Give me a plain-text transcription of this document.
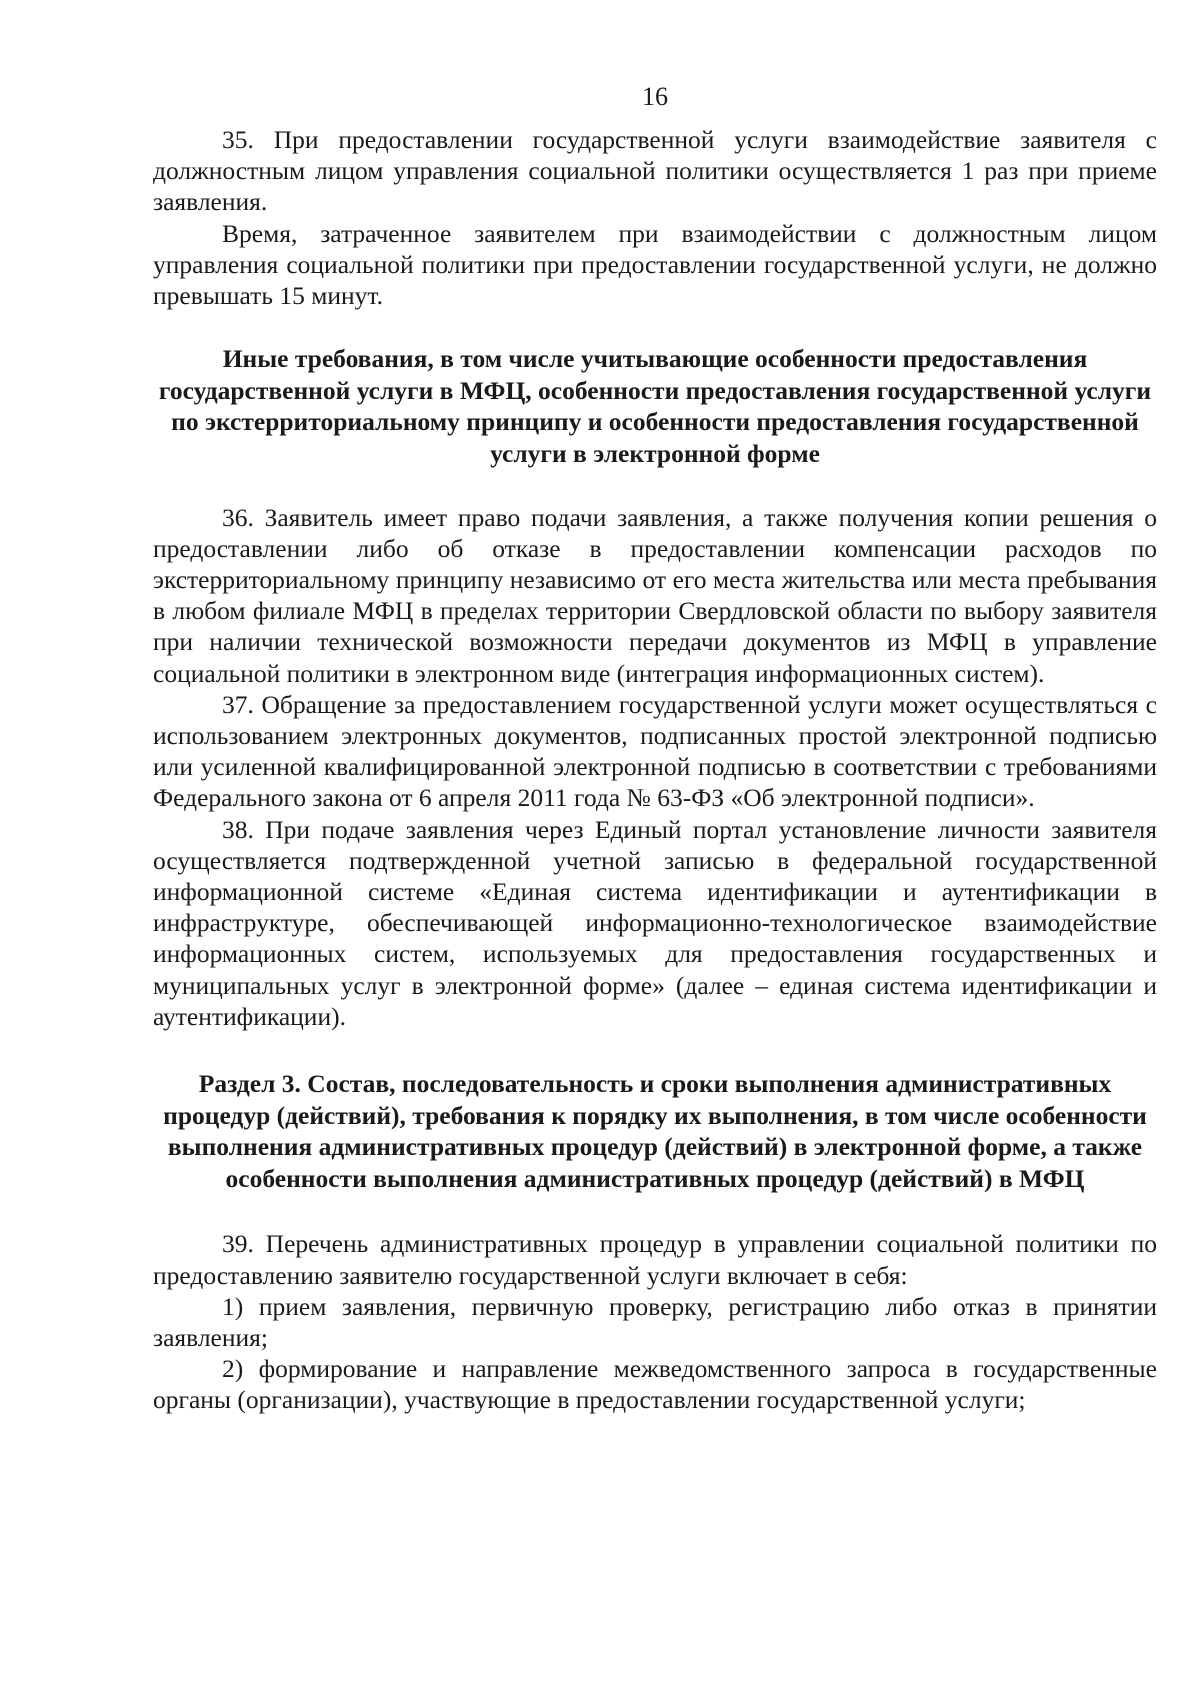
16

35. При предоставлении государственной услуги взаимодействие заявителя с должностным лицом управления социальной политики осуществляется 1 раз при приеме заявления.

Время, затраченное заявителем при взаимодействии с должностным лицом управления социальной политики при предоставлении государственной услуги, не должно превышать 15 минут.

Иные требования, в том числе учитывающие особенности предоставления государственной услуги в МФЦ, особенности предоставления государственной услуги по экстерриториальному принципу и особенности предоставления государственной услуги в электронной форме

36. Заявитель имеет право подачи заявления, а также получения копии решения о предоставлении либо об отказе в предоставлении компенсации расходов по экстерриториальному принципу независимо от его места жительства или места пребывания в любом филиале МФЦ в пределах территории Свердловской области по выбору заявителя при наличии технической возможности передачи документов из МФЦ в управление социальной политики в электронном виде (интеграция информационных систем).

37. Обращение за предоставлением государственной услуги может осуществляться с использованием электронных документов, подписанных простой электронной подписью или усиленной квалифицированной электронной подписью в соответствии с требованиями Федерального закона от 6 апреля 2011 года № 63-ФЗ «Об электронной подписи».

38. При подаче заявления через Единый портал установление личности заявителя осуществляется подтвержденной учетной записью в федеральной государственной информационной системе «Единая система идентификации и аутентификации в инфраструктуре, обеспечивающей информационно-технологическое взаимодействие информационных систем, используемых для предоставления государственных и муниципальных услуг в электронной форме» (далее – единая система идентификации и аутентификации).

Раздел 3. Состав, последовательность и сроки выполнения административных процедур (действий), требования к порядку их выполнения, в том числе особенности выполнения административных процедур (действий) в электронной форме, а также особенности выполнения административных процедур (действий) в МФЦ

39. Перечень административных процедур в управлении социальной политики по предоставлению заявителю государственной услуги включает в себя:

1) прием заявления, первичную проверку, регистрацию либо отказ в принятии заявления;

2) формирование и направление межведомственного запроса в государственные органы (организации), участвующие в предоставлении государственной услуги;
